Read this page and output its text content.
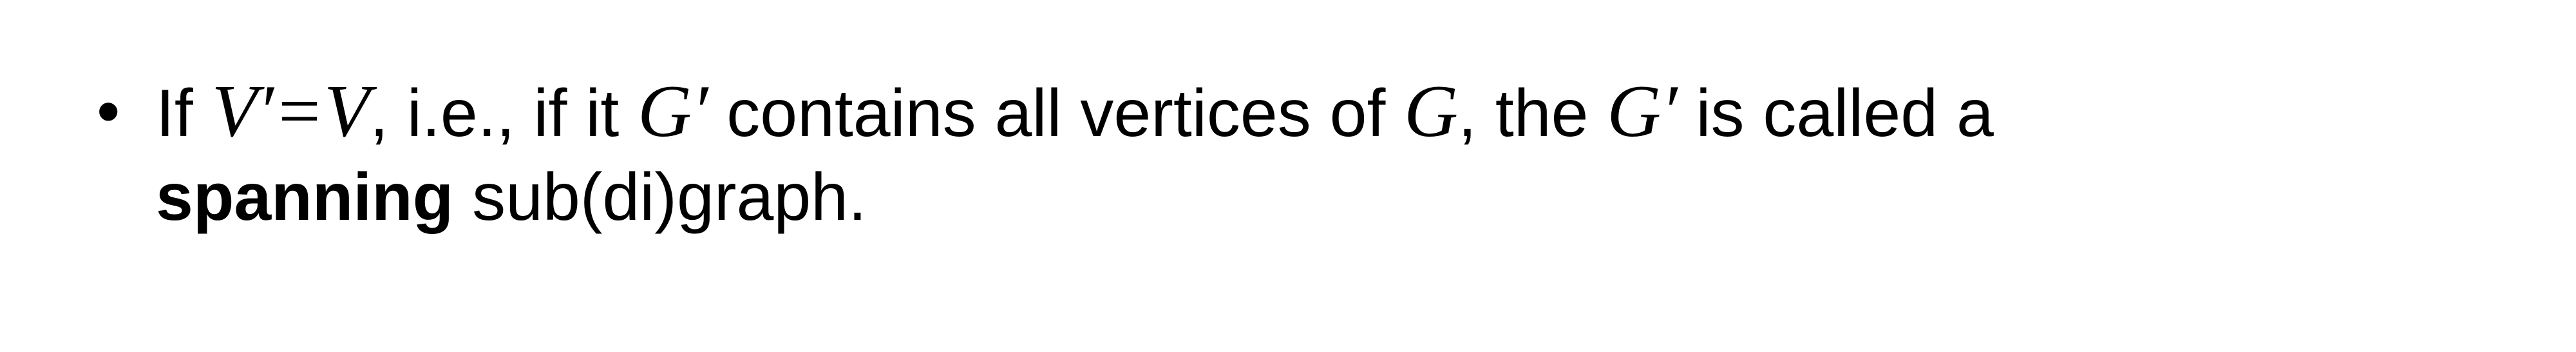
• If V′=V, i.e., if it G′ contains all vertices of G, the G′ is called a
spanning sub(di)graph.
